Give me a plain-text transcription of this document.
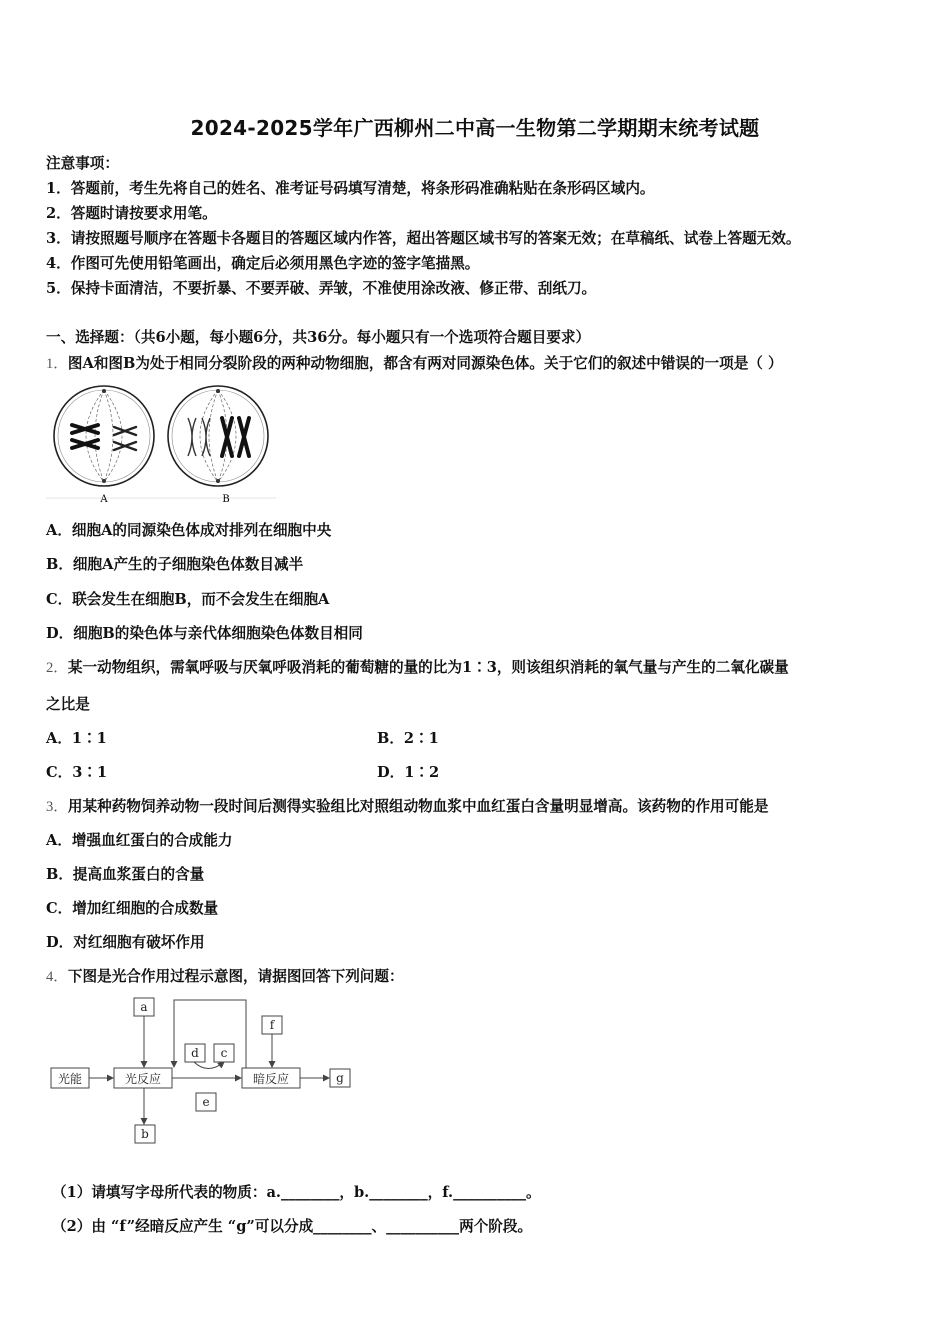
2024-2025学年广西柳州二中高一生物第二学期期末统考试题
注意事项：
1．答题前，考生先将自己的姓名、准考证号码填写清楚，将条形码准确粘贴在条形码区域内。
2．答题时请按要求用笔。
3．请按照题号顺序在答题卡各题目的答题区域内作答，超出答题区域书写的答案无效；在草稿纸、试卷上答题无效。
4．作图可先使用铅笔画出，确定后必须用黑色字迹的签字笔描黑。
5．保持卡面清洁，不要折暴、不要弄破、弄皱，不准使用涂改液、修正带、刮纸刀。
一、选择题：（共6小题，每小题6分，共36分。每小题只有一个选项符合题目要求）
1．图A和图B为处于相同分裂阶段的两种动物细胞，都含有两对同源染色体。关于它们的叙述中错误的一项是（ ）
A	B
A．细胞A的同源染色体成对排列在细胞中央
B．细胞A产生的子细胞染色体数目减半
C．联会发生在细胞B，而不会发生在细胞A
D．细胞B的染色体与亲代体细胞染色体数目相同
2．某一动物组织，需氧呼吸与厌氧呼吸消耗的葡萄糖的量的比为1∶3，则该组织消耗的氧气量与产生的二氧化碳量
之比是
A．1∶1	B．2∶1
C．3∶1	D．1∶2
3．用某种药物饲养动物一段时间后测得实验组比对照组动物血浆中血红蛋白含量明显增高。该药物的作用可能是
A．增强血红蛋白的合成能力
B．提高血浆蛋白的含量
C．增加红细胞的合成数量
D．对红细胞有破坏作用
4．下图是光合作用过程示意图，请据图回答下列问题：
光能	光反应	暗反应
a
b
d c
e
f
g
（1）请填写字母所代表的物质：a.________，b.________，f.__________。
（2）由 “f”经暗反应产生 “g”可以分成________、__________两个阶段。
